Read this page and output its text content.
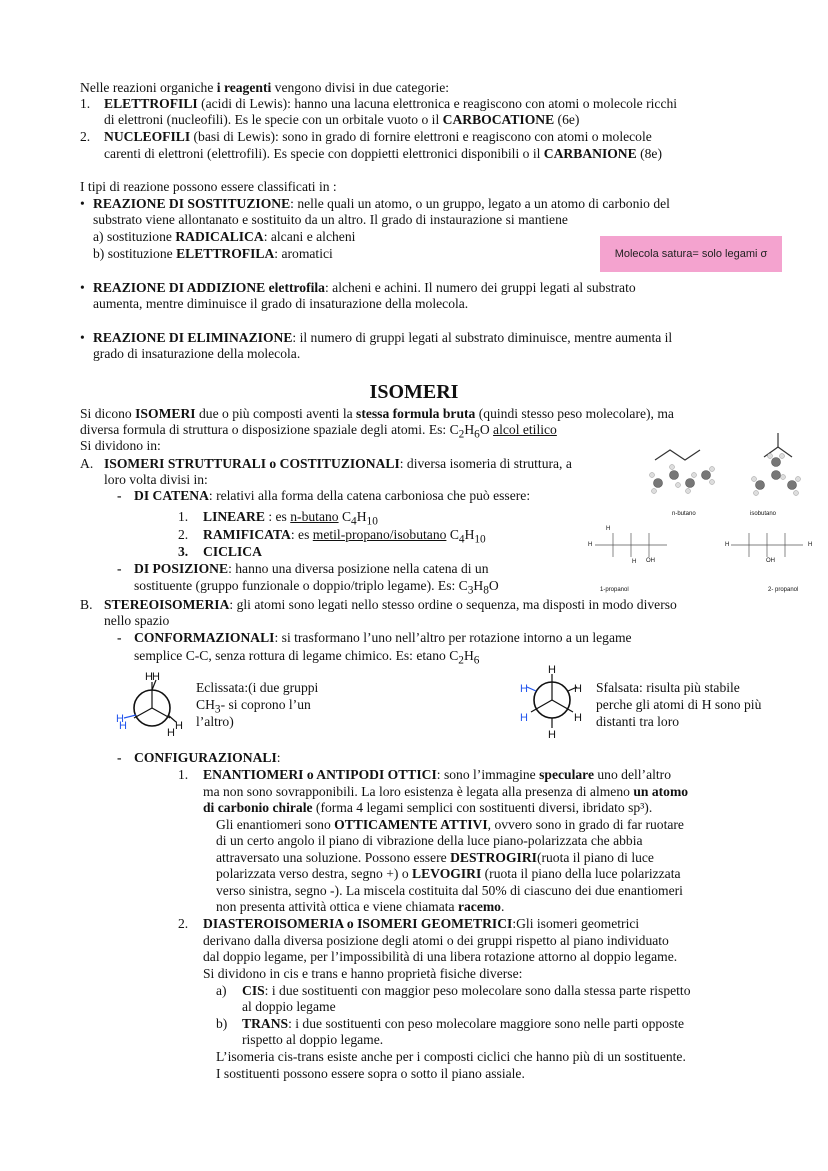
Nelle reazioni organiche i reagenti vengono divisi in due categorie:
1. ELETTROFILI (acidi di Lewis): hanno una lacuna elettronica e reagiscono con atomi o molecole ricchi
di elettroni (nucleofili). Es le specie con un orbitale vuoto o il CARBOCATIONE (6e)
2. NUCLEOFILI (basi di Lewis): sono in grado di fornire elettroni e reagiscono con atomi o molecole
carenti di elettroni (elettrofili). Es specie con doppietti elettronici disponibili o il CARBANIONE (8e)
I tipi di reazione possono essere classificati in :
• REAZIONE DI SOSTITUZIONE: nelle quali un atomo, o un gruppo, legato a un atomo di carbonio del
substrato viene allontanato e sostituito da un altro. Il grado di instaurazione si mantiene
a) sostituzione RADICALICA: alcani e alcheni
b) sostituzione ELETTROFILA: aromatici	Molecola satura= solo legami σ
• REAZIONE DI ADDIZIONE elettrofila: alcheni e achini. Il numero dei gruppi legati al substrato
aumenta, mentre diminuisce il grado di insaturazione della molecola.
• REAZIONE DI ELIMINAZIONE: il numero di gruppi legati al substrato diminuisce, mentre aumenta il
grado di insaturazione della molecola.
ISOMERI
Si dicono ISOMERI due o più composti aventi la stessa formula bruta (quindi stesso peso molecolare), ma
diversa formula di struttura o disposizione spaziale degli atomi. Es: $C_2H_6O$ alcol etilico
Si dividono in:
A. ISOMERI STRUTTURALI o COSTITUZIONALI: diversa isomeria di struttura, a
loro volta divisi in:
- DI CATENA: relativi alla forma della catena carboniosa che può essere:
1. LINEARE : es n-butano $C_4H_{10}$
2. RAMIFICATA: es metil-propano/isobutano $C_4H_{10}$
3. CICLICA
- DI POSIZIONE: hanno una diversa posizione nella catena di un
sostituente (gruppo funzionale o doppio/triplo legame). Es: $C_3H_8O$
n-butano	isobutano
H
H
H OH
H
OH
H
1-propanol	2- propanol
B. STEREOISOMERIA: gli atomi sono legati nello stesso ordine o sequenza, ma disposti in modo diverso
nello spazio
- CONFORMAZIONALI: si trasformano l’uno nell’altro per rotazione intorno a un legame
semplice C-C, senza rottura di legame chimico. Es: etano $C_2H_6$
H H
H
H	H
H
Eclissata:(i due gruppi
$CH_3-$ si coprono l’un
l’altro)
H
H	H
H	H
H
Sfalsata: risulta più stabile
perche gli atomi di H sono più
distanti tra loro
- CONFIGURAZIONALI:
1. ENANTIOMERI o ANTIPODI OTTICI: sono l’immagine speculare uno dell’altro
ma non sono sovrapponibili. La loro esistenza è legata alla presenza di almeno un atomo
di carbonio chirale (forma 4 legami semplici con sostituenti diversi, ibridato sp³).
Gli enantiomeri sono OTTICAMENTE ATTIVI, ovvero sono in grado di far ruotare
di un certo angolo il piano di vibrazione della luce piano-polarizzata che abbia
attraversato una soluzione. Possono essere DESTROGIRI(ruota il piano di luce
polarizzata verso destra, segno +) o LEVOGIRI (ruota il piano della luce polarizzata
verso sinistra, segno -). La miscela costituita dal 50% di ciascuno dei due enantiomeri
non presenta attività ottica e viene chiamata racemo.
2. DIASTEROISOMERIA o ISOMERI GEOMETRICI:Gli isomeri geometrici
derivano dalla diversa posizione degli atomi o dei gruppi rispetto al piano individuato
dal doppio legame, per l’impossibilità di una libera rotazione attorno al doppio legame.
Si dividono in cis e trans e hanno proprietà fisiche diverse:
a) CIS: i due sostituenti con maggior peso molecolare sono dalla stessa parte rispetto
al doppio legame
b) TRANS: i due sostituenti con peso molecolare maggiore sono nelle parti opposte
rispetto al doppio legame.
L’isomeria cis-trans esiste anche per i composti ciclici che hanno più di un sostituente.
I sostituenti possono essere sopra o sotto il piano assiale.
